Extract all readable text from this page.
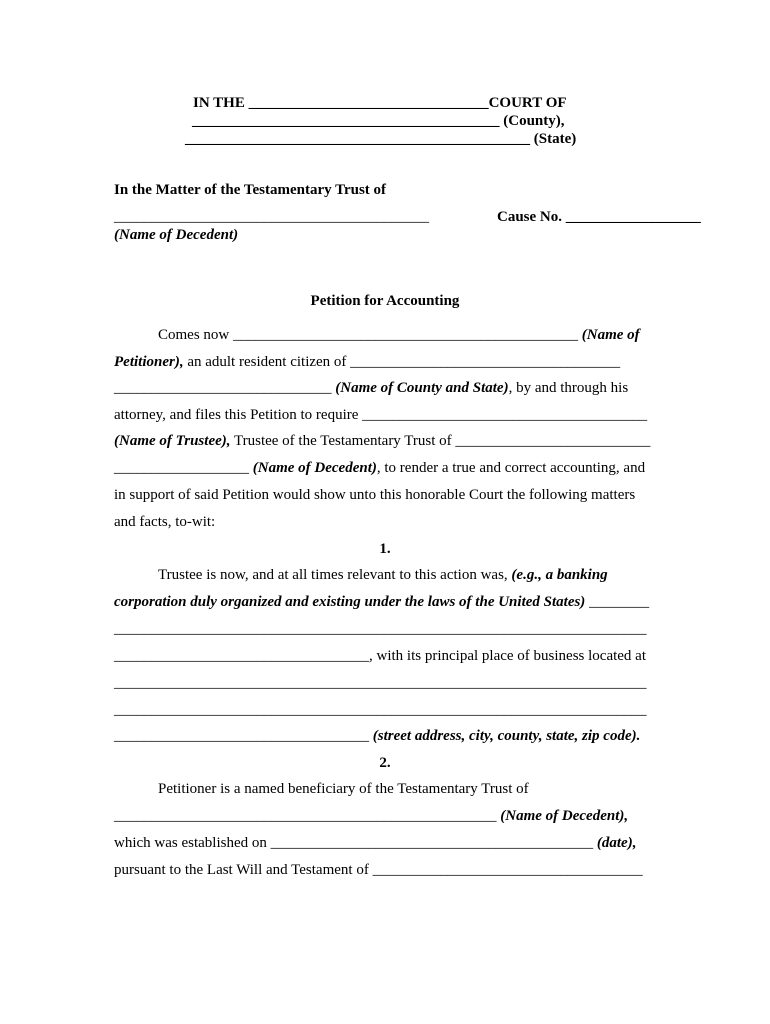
IN THE ________________________________COURT OF
_________________________________________ (County),
______________________________________________ (State)
In the Matter of the Testamentary Trust of
__________________________________________	Cause No. __________________
(Name of Decedent)
Petition for Accounting
Comes now ______________________________________________ (Name of
Petitioner), an adult resident citizen of ____________________________________
_____________________________ (Name of County and State), by and through his
attorney, and files this Petition to require ______________________________________
(Name of Trustee), Trustee of the Testamentary Trust of __________________________
__________________ (Name of Decedent), to render a true and correct accounting, and
in support of said Petition would show unto this honorable Court the following matters
and facts, to-wit:
1.
Trustee is now, and at all times relevant to this action was, (e.g., a banking
corporation duly organized and existing under the laws of the United States) ________
_______________________________________________________________________
__________________________________, with its principal place of business located at
_______________________________________________________________________
_______________________________________________________________________
__________________________________ (street address, city, county, state, zip code).
2.
Petitioner is a named beneficiary of the Testamentary Trust of
___________________________________________________ (Name of Decedent),
which was established on ___________________________________________ (date),
pursuant to the Last Will and Testament of ____________________________________
